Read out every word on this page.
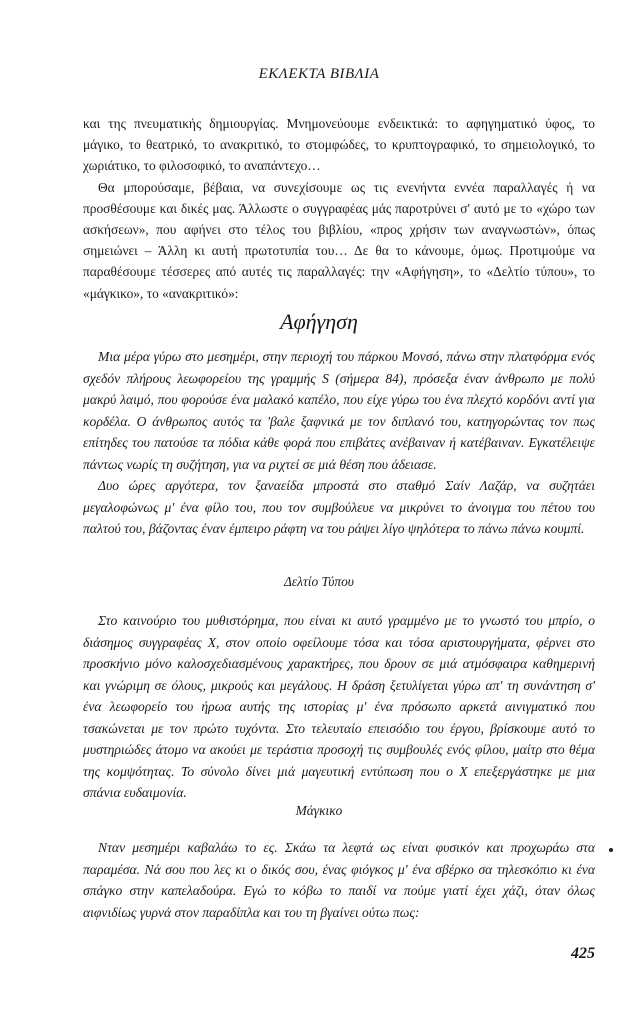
ΕΚΛΕΚΤΑ ΒΙΒΛΙΑ

και της πνευματικής δημιουργίας. Μνημονεύουμε ενδεικτικά: το αφηγηματικό ύφος, το μάγικο, το θεατρικό, το ανακριτικό, το στομφώδες, το κρυπτογραφικό, το σημειολογικό, το χωριάτικο, το φιλοσοφικό, το αναπάντεχο…

Θα μπορούσαμε, βέβαια, να συνεχίσουμε ως τις ενενήντα εννέα παραλλαγές ή να προσθέσουμε και δικές μας. Άλλωστε ο συγγραφέας μάς παροτρύνει σ' αυτό με το «χώρο των ασκήσεων», που αφήνει στο τέλος του βιβλίου, «προς χρήσιν των αναγνωστών», όπως σημειώνει – Άλλη κι αυτή πρωτοτυπία του… Δε θα το κάνουμε, όμως. Προτιμούμε να παραθέσουμε τέσσερες από αυτές τις παραλλαγές: την «Αφήγηση», το «Δελτίο τύπου», το «μάγκικο», το «ανακριτικό»:

Αφήγηση

Μια μέρα γύρω στο μεσημέρι, στην περιοχή του πάρκου Μονσό, πάνω στην πλατφόρμα ενός σχεδόν πλήρους λεωφορείου της γραμμής S (σήμερα 84), πρόσεξα έναν άνθρωπο με πολύ μακρύ λαιμό, που φορούσε ένα μαλακό καπέλο, που είχε γύρω του ένα πλεχτό κορδόνι αντί για κορδέλα. Ο άνθρωπος αυτός τα 'βαλε ξαφνικά με τον διπλανό του, κατηγορώντας τον πως επίτηδες του πατούσε τα πόδια κάθε φορά που επιβάτες ανέβαιναν ή κατέβαιναν. Εγκατέλειψε πάντως νωρίς τη συζήτηση, για να ριχτεί σε μιά θέση που άδειασε.

Δυο ώρες αργότερα, τον ξαναείδα μπροστά στο σταθμό Σαίν Λαζάρ, να συζητάει μεγαλοφώνως μ' ένα φίλο του, που τον συμβούλευε να μικρύνει το άνοιγμα του πέτου του παλτού του, βάζοντας έναν έμπειρο ράφτη να του ράψει λίγο ψηλότερα το πάνω πάνω κουμπί.

Δελτίο Τύπου

Στο καινούριο του μυθιστόρημα, που είναι κι αυτό γραμμένο με το γνωστό του μπρίο, ο διάσημος συγγραφέας Χ, στον οποίο οφείλουμε τόσα και τόσα αριστουργήματα, φέρνει στο προσκήνιο μόνο καλοσχεδιασμένους χαρακτήρες, που δρουν σε μιά ατμόσφαιρα καθημερινή και γνώριμη σε όλους, μικρούς και μεγάλους. Η δράση ξετυλίγεται γύρω απ' τη συνάντηση σ' ένα λεωφορείο του ήρωα αυτής της ιστορίας μ' ένα πρόσωπο αρκετά αινιγματικό που τσακώνεται με τον πρώτο τυχόντα. Στο τελευταίο επεισόδιο του έργου, βρίσκουμε αυτό το μυστηριώδες άτομο να ακούει με τεράστια προσοχή τις συμβουλές ενός φίλου, μαίτρ στο θέμα της κομψότητας. Το σύνολο δίνει μιά μαγευτική εντύπωση που ο Χ επεξεργάστηκε με μια σπάνια ευδαιμονία.

Μάγκικο

Νταν μεσημέρι καβαλάω το ες. Σκάω τα λεφτά ως είναι φυσικόν και προχωράω στα παραμέσα. Νά σου που λες κι ο δικός σου, ένας φιόγκος μ' ένα σβέρκο σα τηλεσκόπιο κι ένα σπάγκο στην καπελαδούρα. Εγώ το κόβω το παιδί να πούμε γιατί έχει χάζι, όταν όλως αιφνιδίως γυρνά στον παραδίπλα και του τη βγαίνει ούτω πως:

425
